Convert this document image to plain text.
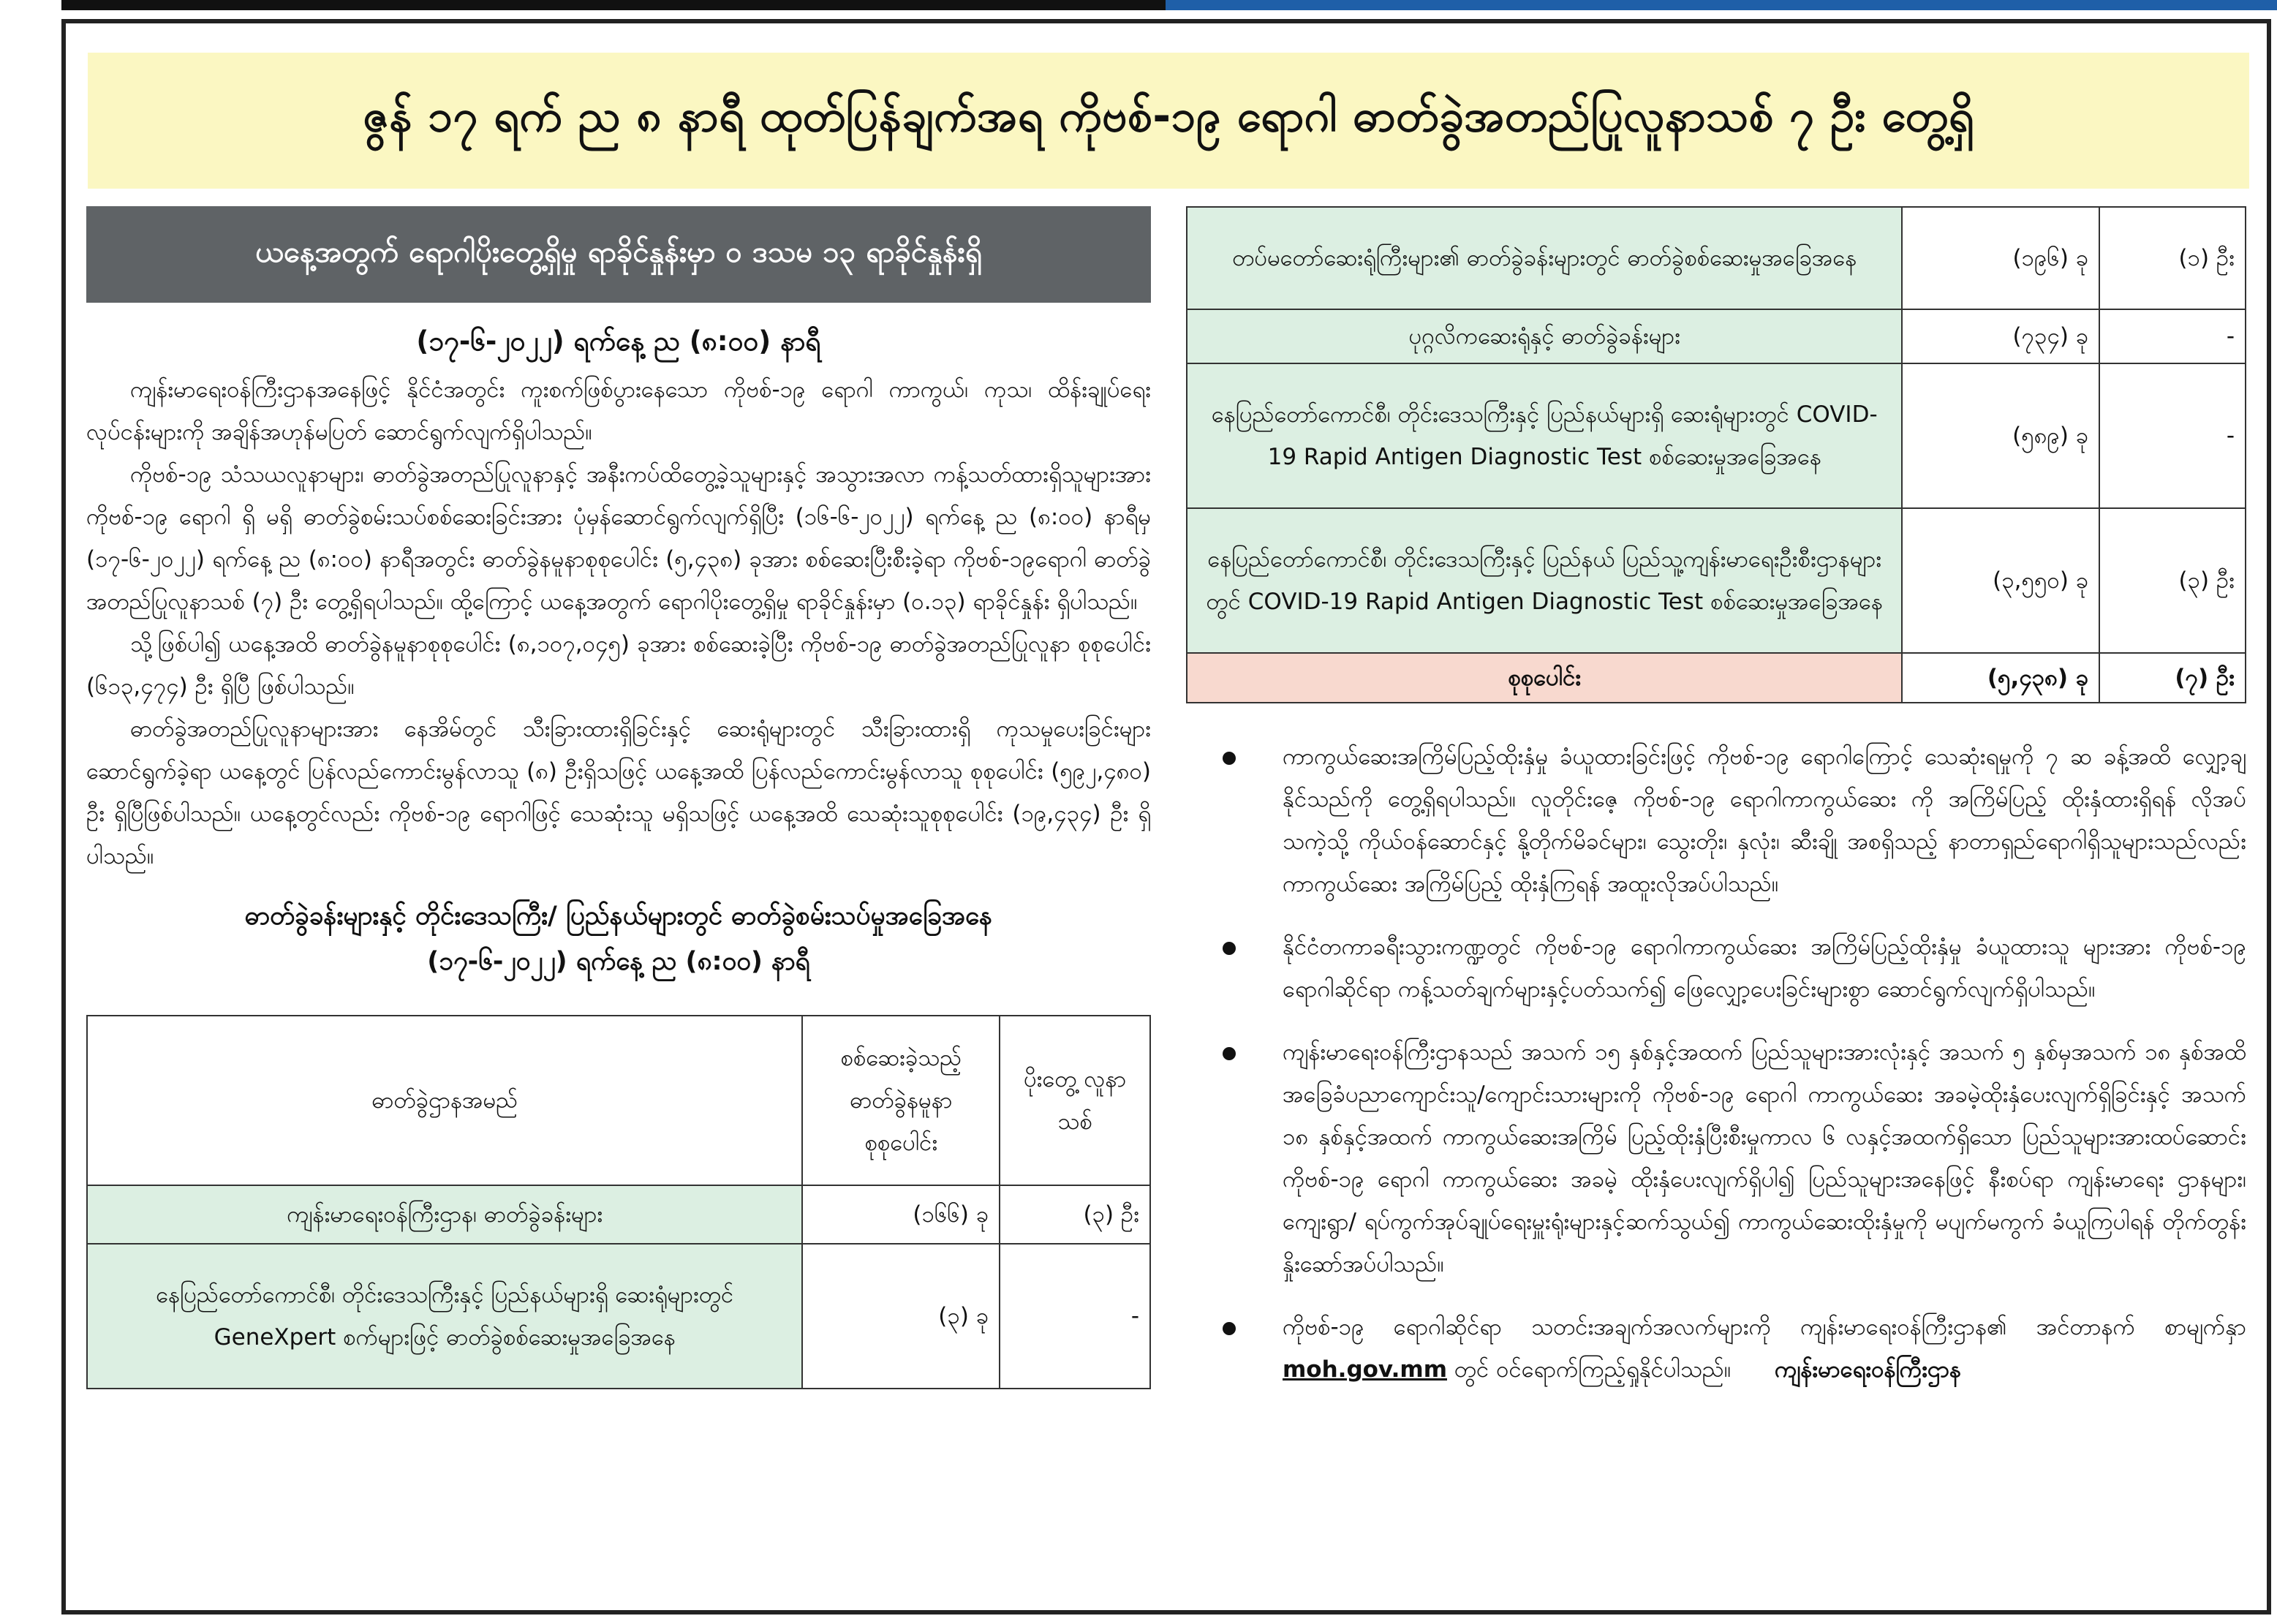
ဇွန် ၁၇ ရက် ည ၈ နာရီ ထုတ်ပြန်ချက်အရ ကိုဗစ်-၁၉ ရောဂါ ဓာတ်ခွဲအတည်ပြုလူနာသစ် ၇ ဦး တွေ့ရှိ
ယနေ့အတွက် ရောဂါပိုးတွေ့ရှိမှု ရာခိုင်နှုန်းမှာ ၀ ဒသမ ၁၃ ရာခိုင်နှုန်းရှိ
(၁၇-၆-၂၀၂၂) ရက်နေ့ ည (၈:၀၀) နာရီ

ကျန်းမာရေးဝန်ကြီးဌာနအနေဖြင့် နိုင်ငံအတွင်း ကူးစက်ဖြစ်ပွားနေသော ကိုဗစ်-၁၉ ရောဂါ ကာကွယ်၊ ကုသ၊ ထိန်းချုပ်ရေးလုပ်ငန်းများကို အချိန်အဟုန်မပြတ် ဆောင်ရွက်လျက်ရှိပါသည်။

ကိုဗစ်-၁၉ သံသယလူနာများ၊ ဓာတ်ခွဲအတည်ပြုလူနာနှင့် အနီးကပ်ထိတွေ့ခဲ့သူများနှင့် အသွားအလာ ကန့်သတ်ထားရှိသူများအား ကိုဗစ်-၁၉ ရောဂါ ရှိ မရှိ ဓာတ်ခွဲစမ်းသပ်စစ်ဆေးခြင်းအား ပုံမှန်ဆောင်ရွက်လျက်ရှိပြီး (၁၆-၆-၂၀၂၂) ရက်နေ့ ည (၈:၀၀) နာရီမှ (၁၇-၆-၂၀၂၂) ရက်နေ့ ည (၈:၀၀) နာရီအတွင်း ဓာတ်ခွဲနမူနာစုစုပေါင်း (၅,၄၃၈) ခုအား စစ်ဆေးပြီးစီးခဲ့ရာ ကိုဗစ်-၁၉ရောဂါ ဓာတ်ခွဲအတည်ပြုလူနာသစ် (၇) ဦး တွေ့ရှိရပါသည်။ ထို့ကြောင့် ယနေ့အတွက် ရောဂါပိုးတွေ့ရှိမှု ရာခိုင်နှုန်းမှာ (၀.၁၃) ရာခိုင်နှုန်း ရှိပါသည်။

သို့ဖြစ်ပါ၍ ယနေ့အထိ ဓာတ်ခွဲနမူနာစုစုပေါင်း (၈,၁၀၇,၀၄၅) ခုအား စစ်ဆေးခဲ့ပြီး ကိုဗစ်-၁၉ ဓာတ်ခွဲအတည်ပြုလူနာ စုစုပေါင်း (၆၁၃,၄၇၄) ဦး ရှိပြီ ဖြစ်ပါသည်။

ဓာတ်ခွဲအတည်ပြုလူနာများအား နေအိမ်တွင် သီးခြားထားရှိခြင်းနှင့် ဆေးရုံများတွင် သီးခြားထားရှိ ကုသမှုပေးခြင်းများ ဆောင်ရွက်ခဲ့ရာ ယနေ့တွင် ပြန်လည်ကောင်းမွန်လာသူ (၈) ဦးရှိသဖြင့် ယနေ့အထိ ပြန်လည်ကောင်းမွန်လာသူ စုစုပေါင်း (၅၉၂,၄၈၀) ဦး ရှိပြီဖြစ်ပါသည်။ ယနေ့တွင်လည်း ကိုဗစ်-၁၉ ရောဂါဖြင့် သေဆုံးသူ မရှိသဖြင့် ယနေ့အထိ သေဆုံးသူစုစုပေါင်း (၁၉,၄၃၄) ဦး ရှိပါသည်။

ဓာတ်ခွဲခန်းများနှင့် တိုင်းဒေသကြီး/ ပြည်နယ်များတွင် ဓာတ်ခွဲစမ်းသပ်မှုအခြေအနေ
(၁၇-၆-၂၀၂၂) ရက်နေ့ ည (၈:၀၀) နာရီ
ဓာတ်ခွဲဌာနအမည်	စစ်ဆေးခဲ့သည့် ဓာတ်ခွဲနမူနာ စုစုပေါင်း	ပိုးတွေ့ လူနာသစ်
ကျန်းမာရေးဝန်ကြီးဌာန၊ ဓာတ်ခွဲခန်းများ	(၁၆၆) ခု	(၃) ဦး
နေပြည်တော်ကောင်စီ၊ တိုင်းဒေသကြီးနှင့် ပြည်နယ်များရှိ ဆေးရုံများတွင် GeneXpert စက်များဖြင့် ဓာတ်ခွဲစစ်ဆေးမှုအခြေအနေ	(၃) ခု	-
တပ်မတော်ဆေးရုံကြီးများ၏ ဓာတ်ခွဲခန်းများတွင် ဓာတ်ခွဲစစ်ဆေးမှုအခြေအနေ	(၁၉၆) ခု	(၁) ဦး
ပုဂ္ဂလိကဆေးရုံနှင့် ဓာတ်ခွဲခန်းများ	(၇၃၄) ခု	-
နေပြည်တော်ကောင်စီ၊ တိုင်းဒေသကြီးနှင့် ပြည်နယ်များရှိ ဆေးရုံများတွင် COVID-19 Rapid Antigen Diagnostic Test စစ်ဆေးမှုအခြေအနေ	(၅၈၉) ခု	-
နေပြည်တော်ကောင်စီ၊ တိုင်းဒေသကြီးနှင့် ပြည်နယ် ပြည်သူ့ကျန်းမာရေးဦးစီးဌာနများတွင် COVID-19 Rapid Antigen Diagnostic Test စစ်ဆေးမှုအခြေအနေ	(၃,၅၅၀) ခု	(၃) ဦး
စုစုပေါင်း	(၅,၄၃၈) ခု	(၇) ဦး
ကာကွယ်ဆေးအကြိမ်ပြည့်ထိုးနှံမှု ခံယူထားခြင်းဖြင့် ကိုဗစ်-၁၉ ရောဂါကြောင့် သေဆုံးရမှုကို ၇ ဆ ခန့်အထိ လျှော့ချနိုင်သည်ကို တွေ့ရှိရပါသည်။ လူတိုင်းဇေ့ ကိုဗစ်-၁၉ ရောဂါကာကွယ်ဆေး ကို အကြိမ်ပြည့် ထိုးနှံထားရှိရန် လိုအပ်သကဲ့သို့ ကိုယ်ဝန်ဆောင်နှင့် နို့တိုက်မိခင်များ၊ သွေးတိုး၊ နှလုံး၊ ဆီးချို အစရှိသည့် နာတာရှည်ရောဂါရှိသူများသည်လည်း ကာကွယ်ဆေး အကြိမ်ပြည့် ထိုးနှံကြရန် အထူးလိုအပ်ပါသည်။
နိုင်ငံတကာခရီးသွားကဏ္ဍတွင် ကိုဗစ်-၁၉ ရောဂါကာကွယ်ဆေး အကြိမ်ပြည့်ထိုးနှံမှု ခံယူထားသူ များအား ကိုဗစ်-၁၉ ရောဂါဆိုင်ရာ ကန့်သတ်ချက်များနှင့်ပတ်သက်၍ ဖြေလျှော့ပေးခြင်းများစွာ ဆောင်ရွက်လျက်ရှိပါသည်။
ကျန်းမာရေးဝန်ကြီးဌာနသည် အသက် ၁၅ နှစ်နှင့်အထက် ပြည်သူများအားလုံးနှင့် အသက် ၅ နှစ်မှအသက် ၁၈ နှစ်အထိ အခြေခံပညာကျောင်းသူ/ကျောင်းသားများကို ကိုဗစ်-၁၉ ရောဂါ ကာကွယ်ဆေး အခမဲ့ထိုးနှံပေးလျက်ရှိခြင်းနှင့် အသက် ၁၈ နှစ်နှင့်အထက် ကာကွယ်ဆေးအကြိမ် ပြည့်ထိုးနှံပြီးစီးမှုကာလ ၆ လနှင့်အထက်ရှိသော ပြည်သူများအားထပ်ဆောင်း ကိုဗစ်-၁၉ ရောဂါ ကာကွယ်ဆေး အခမဲ့ ထိုးနှံပေးလျက်ရှိပါ၍ ပြည်သူများအနေဖြင့် နီးစပ်ရာ ကျန်းမာရေး ဌာနများ၊ ကျေးရွာ/ ရပ်ကွက်အုပ်ချုပ်ရေးမှူးရုံးများနှင့်ဆက်သွယ်၍ ကာကွယ်ဆေးထိုးနှံမှုကို မပျက်မကွက် ခံယူကြပါရန် တိုက်တွန်းနှိုးဆော်အပ်ပါသည်။
ကိုဗစ်-၁၉ ရောဂါဆိုင်ရာ သတင်းအချက်အလက်များကို ကျန်းမာရေးဝန်ကြီးဌာန၏ အင်တာနက် စာမျက်နှာ moh.gov.mm တွင် ဝင်ရောက်ကြည့်ရှုနိုင်ပါသည်။ ကျန်းမာရေးဝန်ကြီးဌာန
